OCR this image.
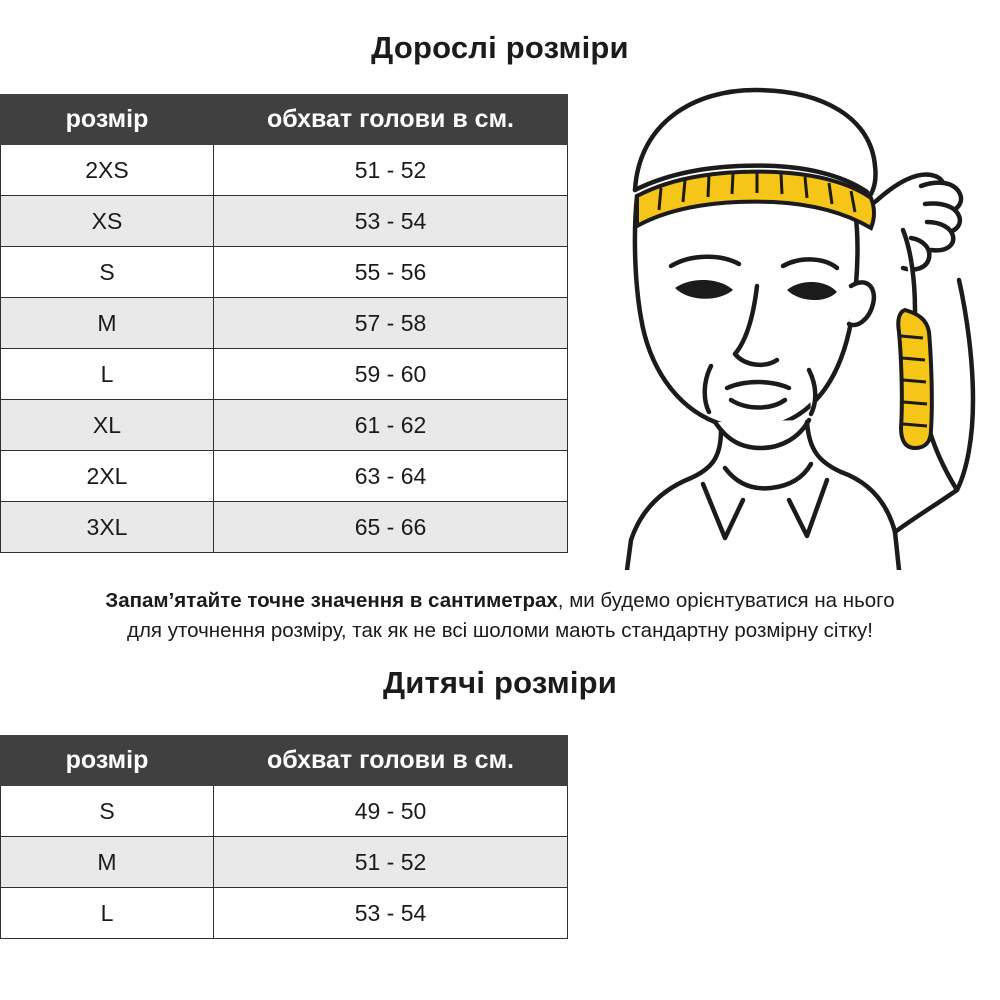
Дорослі розміри
розмір	обхват голови в см.
2XS	51 - 52
XS	53 - 54
S	55 - 56
M	57 - 58
L	59 - 60
XL	61 - 62
2XL	63 - 64
3XL	65 - 66
Запам’ятайте точне значення в сантиметрах, ми будемо орієнтуватися на нього
для уточнення розміру, так як не всі шоломи мають стандартну розмірну сітку!
Дитячі розміри
розмір	обхват голови в см.
S	49 - 50
M	51 - 52
L	53 - 54
